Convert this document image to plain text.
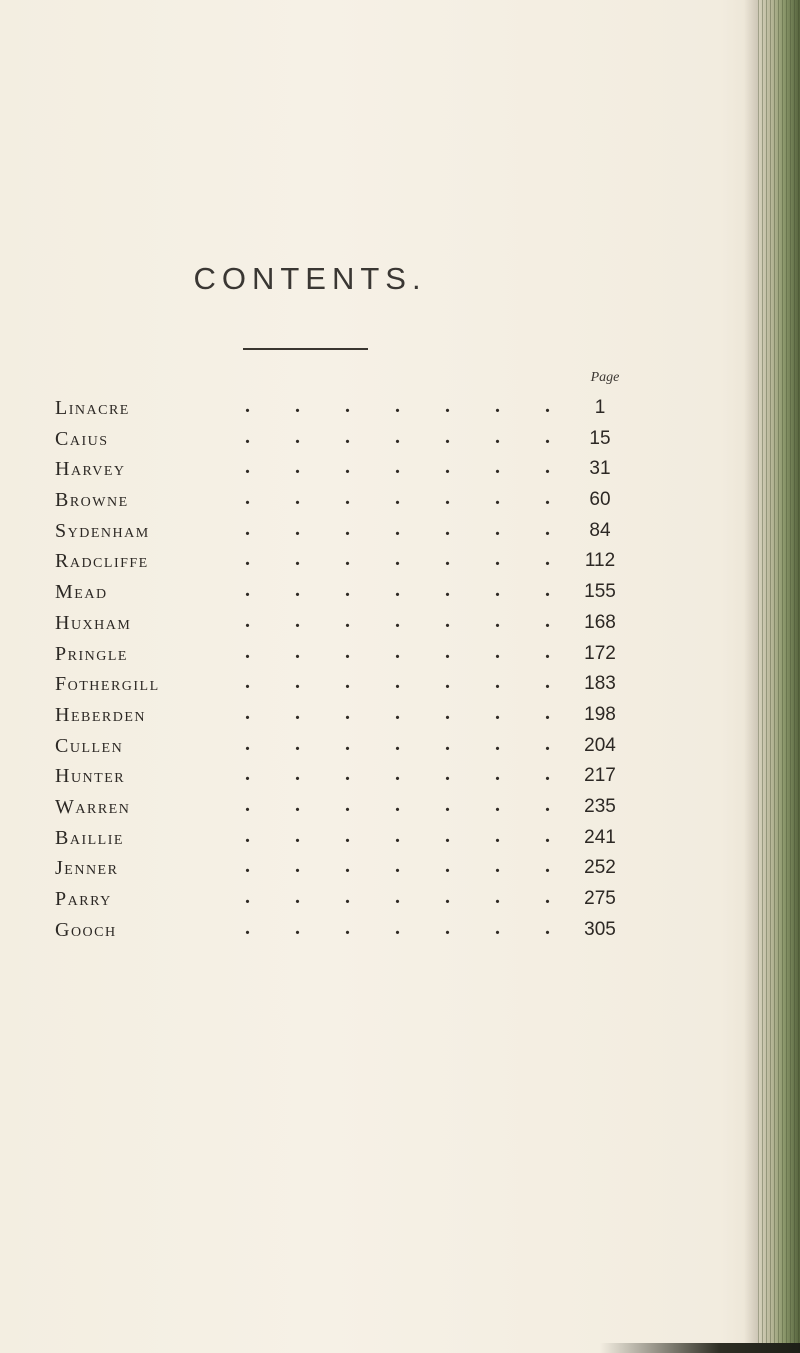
CONTENTS.
Page
Linacre .	1
Caius .	15
Harvey .	31
Browne .	60
Sydenham .	84
Radcliffe .	112
Mead .	155
Huxham .	168
Pringle .	172
Fothergill .	183
Heberden .	198
Cullen .	204
Hunter .	217
Warren .	235
Baillie .	241
Jenner .	252
Parry .	275
Gooch .	305
